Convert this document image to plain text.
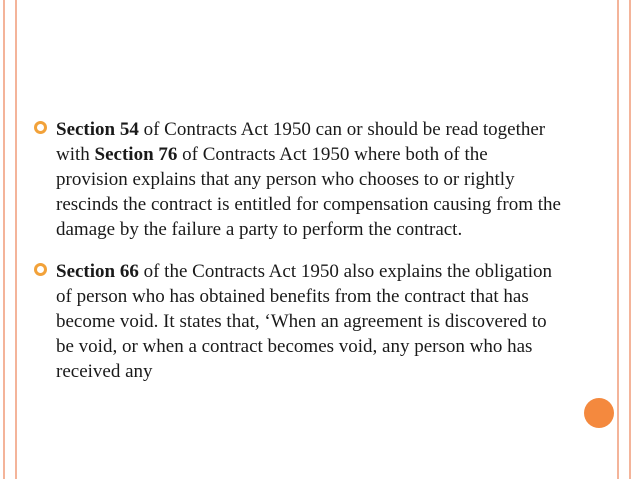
Section 54 of Contracts Act 1950 can or should be read together with Section 76 of Contracts Act 1950 where both of the provision explains that any person who chooses to or rightly rescinds the contract is entitled for compensation causing from the damage by the failure a party to perform the contract.
Section 66 of the Contracts Act 1950 also explains the obligation of person who has obtained benefits from the contract that has become void. It states that, ‘When an agreement is discovered to be void, or when a contract becomes void, any person who has received any
